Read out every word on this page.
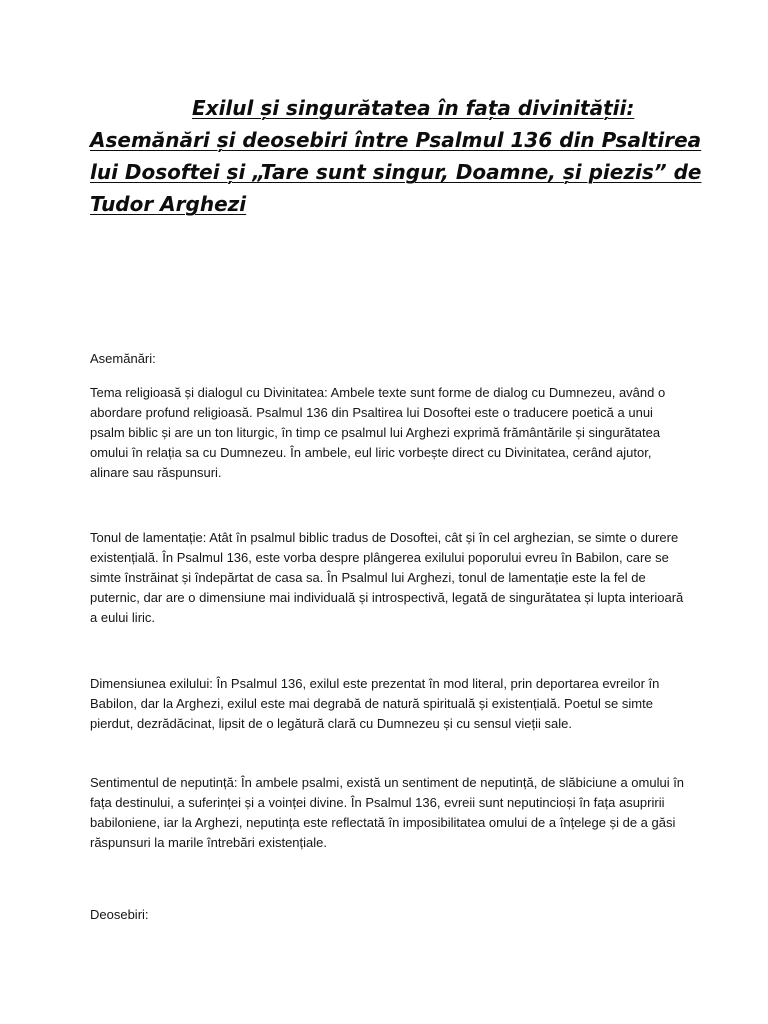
Exilul și singurătatea în fața divinității:
Asemănări și deosebiri între Psalmul 136 din Psaltirea
lui Dosoftei și „Tare sunt singur, Doamne, și piezis” de
Tudor Arghezi

Asemănări:

Tema religioasă și dialogul cu Divinitatea: Ambele texte sunt forme de dialog cu Dumnezeu, având o abordare profund religioasă. Psalmul 136 din Psaltirea lui Dosoftei este o traducere poetică a unui psalm biblic și are un ton liturgic, în timp ce psalmul lui Arghezi exprimă frământările și singurătatea omului în relația sa cu Dumnezeu. În ambele, eul liric vorbește direct cu Divinitatea, cerând ajutor, alinare sau răspunsuri.

Tonul de lamentație: Atât în psalmul biblic tradus de Dosoftei, cât și în cel arghezian, se simte o durere existențială. În Psalmul 136, este vorba despre plângerea exilului poporului evreu în Babilon, care se simte înstrăinat și îndepărtat de casa sa. În Psalmul lui Arghezi, tonul de lamentație este la fel de puternic, dar are o dimensiune mai individuală și introspectivă, legată de singurătatea și lupta interioară a eului liric.

Dimensiunea exilului: În Psalmul 136, exilul este prezentat în mod literal, prin deportarea evreilor în Babilon, dar la Arghezi, exilul este mai degrabă de natură spirituală și existențială. Poetul se simte pierdut, dezrădăcinat, lipsit de o legătură clară cu Dumnezeu și cu sensul vieții sale.

Sentimentul de neputință: În ambele psalmi, există un sentiment de neputință, de slăbiciune a omului în fața destinului, a suferinței și a voinței divine. În Psalmul 136, evreii sunt neputincioși în fața asupririi babiloniene, iar la Arghezi, neputința este reflectată în imposibilitatea omului de a înțelege și de a găsi răspunsuri la marile întrebări existențiale.

Deosebiri:
